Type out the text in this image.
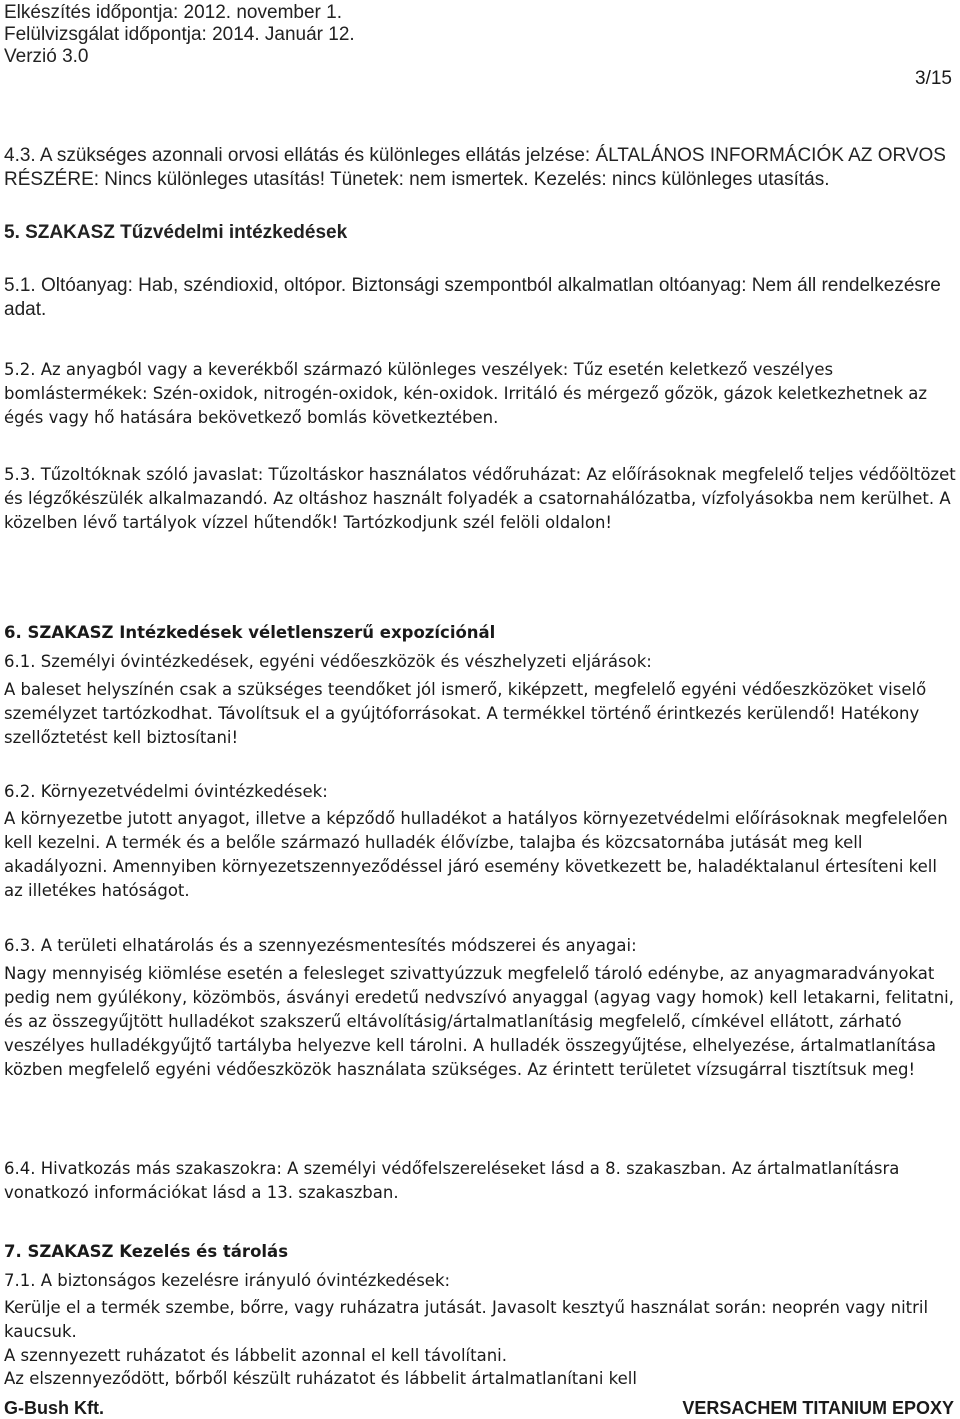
Elkészítés időpontja: 2012. november 1.
Felülvizsgálat időpontja: 2014. Január 12.
Verzió 3.0
3/15

4.3. A szükséges azonnali orvosi ellátás és különleges ellátás jelzése: ÁLTALÁNOS INFORMÁCIÓK AZ ORVOS RÉSZÉRE: Nincs különleges utasítás! Tünetek: nem ismertek. Kezelés: nincs különleges utasítás.

5. SZAKASZ Tűzvédelmi intézkedések

5.1. Oltóanyag: Hab, széndioxid, oltópor. Biztonsági szempontból alkalmatlan oltóanyag: Nem áll rendelkezésre adat.

5.2. Az anyagból vagy a keverékből származó különleges veszélyek: Tűz esetén keletkező veszélyes bomlástermékek: Szén-oxidok, nitrogén-oxidok, kén-oxidok. Irritáló és mérgező gőzök, gázok keletkezhetnek az égés vagy hő hatására bekövetkező bomlás következtében.

5.3. Tűzoltóknak szóló javaslat: Tűzoltáskor használatos védőruházat: Az előírásoknak megfelelő teljes védőöltözet és légzőkészülék alkalmazandó. Az oltáshoz használt folyadék a csatornahálózatba, vízfolyásokba nem kerülhet. A közelben lévő tartályok vízzel hűtendők! Tartózkodjunk szél felöli oldalon!

6. SZAKASZ Intézkedések véletlenszerű expozíciónál

6.1. Személyi óvintézkedések, egyéni védőeszközök és vészhelyzeti eljárások:

A baleset helyszínén csak a szükséges teendőket jól ismerő, kiképzett, megfelelő egyéni védőeszközöket viselő személyzet tartózkodhat. Távolítsuk el a gyújtóforrásokat. A termékkel történő érintkezés kerülendő! Hatékony szellőztetést kell biztosítani!

6.2. Környezetvédelmi óvintézkedések:

A környezetbe jutott anyagot, illetve a képződő hulladékot a hatályos környezetvédelmi előírásoknak megfelelően kell kezelni. A termék és a belőle származó hulladék élővízbe, talajba és közcsatornába jutását meg kell akadályozni. Amennyiben környezetszennyeződéssel járó esemény következett be, haladéktalanul értesíteni kell az illetékes hatóságot.

6.3. A területi elhatárolás és a szennyezésmentesítés módszerei és anyagai:

Nagy mennyiség kiömlése esetén a felesleget szivattyúzzuk megfelelő tároló edénybe, az anyagmaradványokat pedig nem gyúlékony, közömbös, ásványi eredetű nedvszívó anyaggal (agyag vagy homok) kell letakarni, felitatni, és az összegyűjtött hulladékot szakszerű eltávolításig/ártalmatlanításig megfelelő, címkével ellátott, zárható veszélyes hulladékgyűjtő tartályba helyezve kell tárolni. A hulladék összegyűjtése, elhelyezése, ártalmatlanítása közben megfelelő egyéni védőeszközök használata szükséges. Az érintett területet vízsugárral tisztítsuk meg!

6.4. Hivatkozás más szakaszokra: A személyi védőfelszereléseket lásd a 8. szakaszban. Az ártalmatlanításra vonatkozó információkat lásd a 13. szakaszban.

7. SZAKASZ Kezelés és tárolás

7.1. A biztonságos kezelésre irányuló óvintézkedések:

Kerülje el a termék szembe, bőrre, vagy ruházatra jutását. Javasolt kesztyű használat során: neoprén vagy nitril kaucsuk.

A szennyezett ruházatot és lábbelit azonnal el kell távolítani.

Az elszennyeződött, bőrből készült ruházatot és lábbelit ártalmatlanítani kell

G-Bush Kft.	VERSACHEM TITANIUM EPOXY
